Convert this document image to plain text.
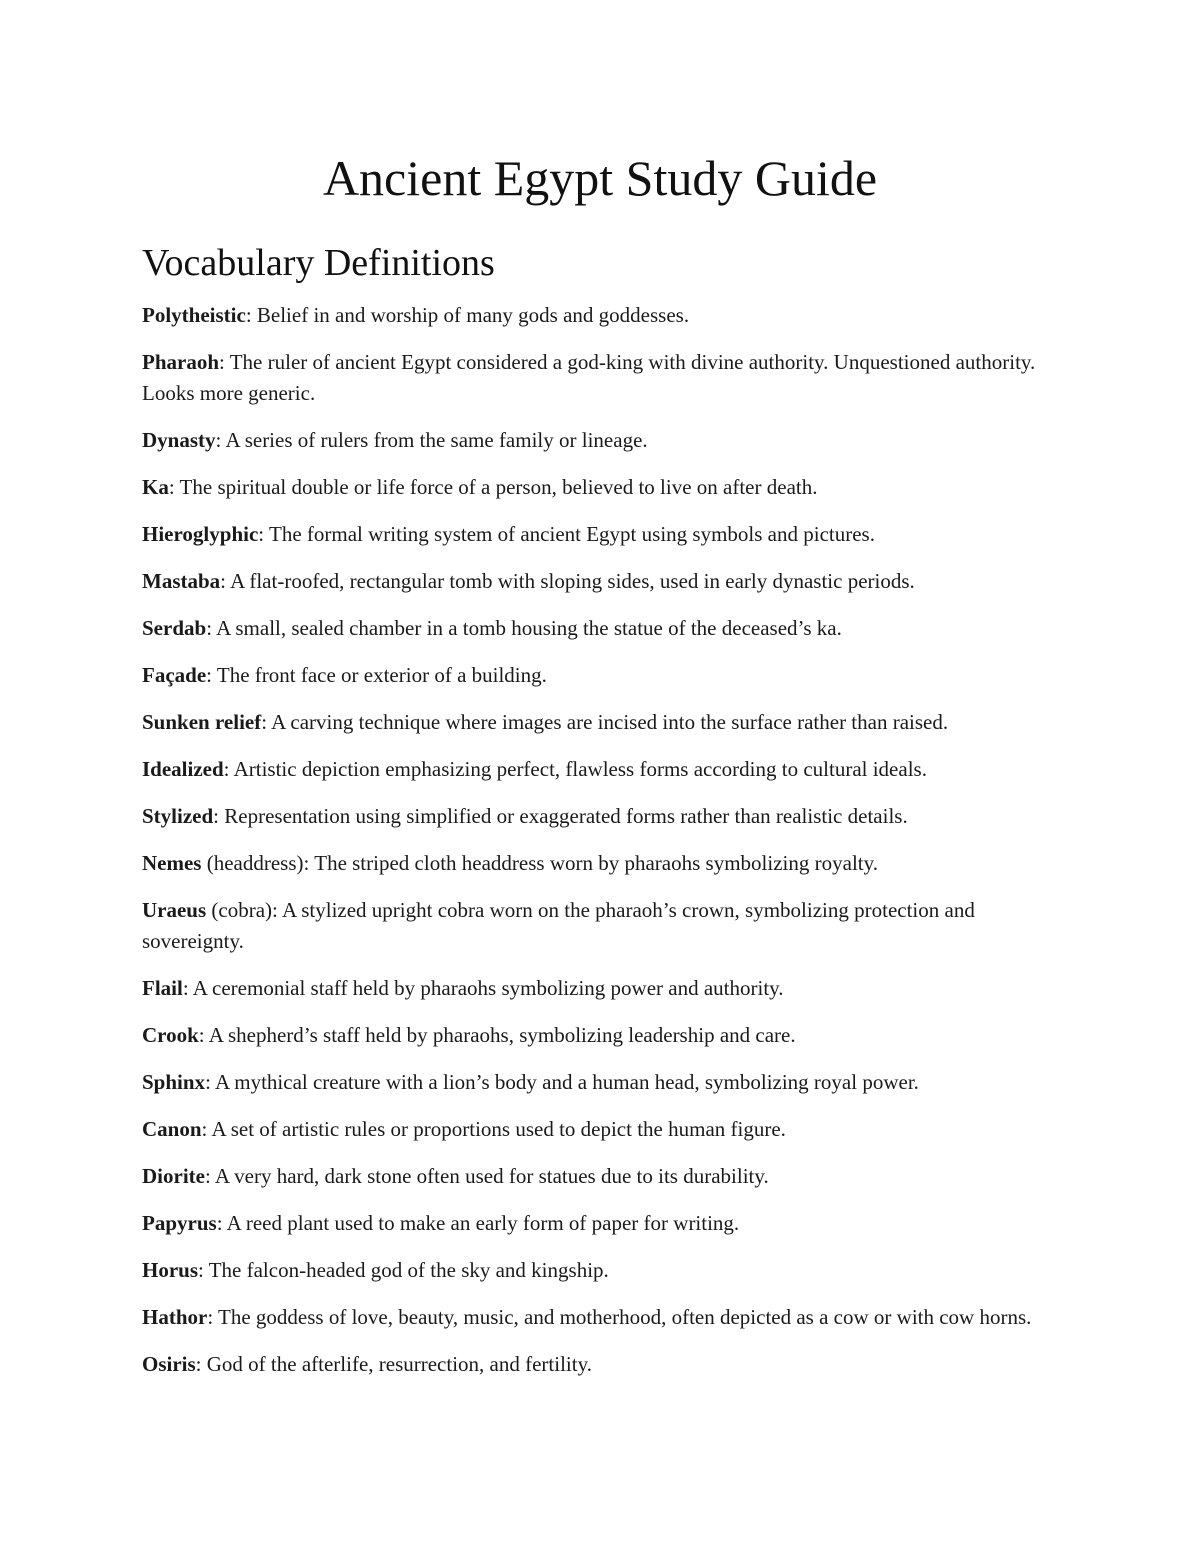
Ancient Egypt Study Guide
Vocabulary Definitions
Polytheistic: Belief in and worship of many gods and goddesses.
Pharaoh: The ruler of ancient Egypt considered a god-king with divine authority. Unquestioned authority. Looks more generic.
Dynasty: A series of rulers from the same family or lineage.
Ka: The spiritual double or life force of a person, believed to live on after death.
Hieroglyphic: The formal writing system of ancient Egypt using symbols and pictures.
Mastaba: A flat-roofed, rectangular tomb with sloping sides, used in early dynastic periods.
Serdab: A small, sealed chamber in a tomb housing the statue of the deceased’s ka.
Façade: The front face or exterior of a building.
Sunken relief: A carving technique where images are incised into the surface rather than raised.
Idealized: Artistic depiction emphasizing perfect, flawless forms according to cultural ideals.
Stylized: Representation using simplified or exaggerated forms rather than realistic details.
Nemes (headdress): The striped cloth headdress worn by pharaohs symbolizing royalty.
Uraeus (cobra): A stylized upright cobra worn on the pharaoh’s crown, symbolizing protection and sovereignty.
Flail: A ceremonial staff held by pharaohs symbolizing power and authority.
Crook: A shepherd’s staff held by pharaohs, symbolizing leadership and care.
Sphinx: A mythical creature with a lion’s body and a human head, symbolizing royal power.
Canon: A set of artistic rules or proportions used to depict the human figure.
Diorite: A very hard, dark stone often used for statues due to its durability.
Papyrus: A reed plant used to make an early form of paper for writing.
Horus: The falcon-headed god of the sky and kingship.
Hathor: The goddess of love, beauty, music, and motherhood, often depicted as a cow or with cow horns.
Osiris: God of the afterlife, resurrection, and fertility.
